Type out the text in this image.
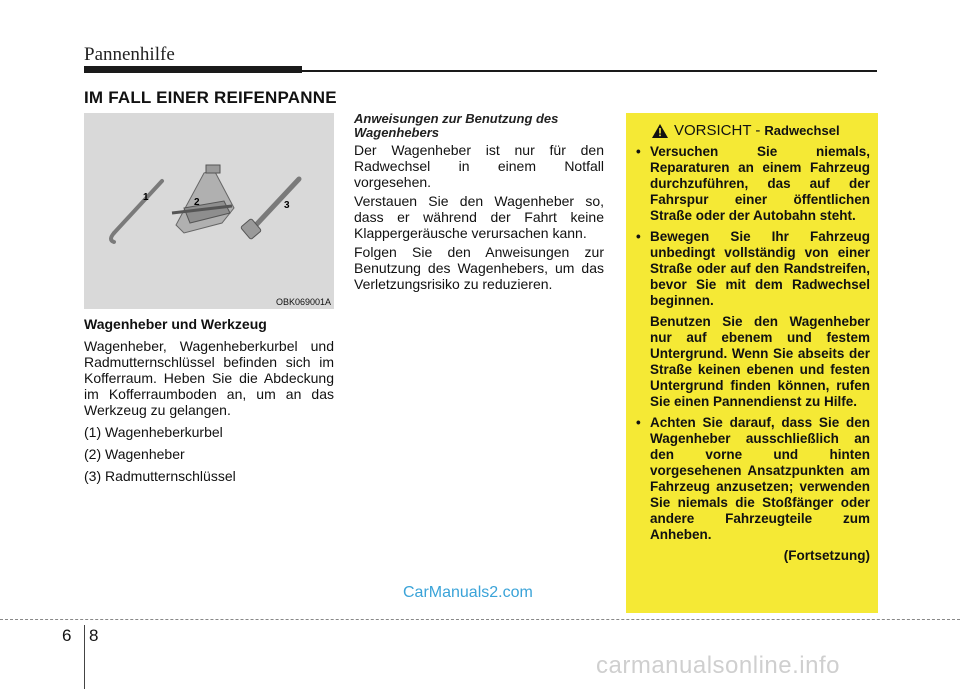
Pannenhilfe
IM FALL EINER REIFENPANNE
1	2	3
OBK069001A
Wagenheber und Werkzeug

Wagenheber, Wagenheberkurbel und Radmutternschlüssel befinden sich im Kofferraum. Heben Sie die Abdeckung im Kofferraumboden an, um an das Werkzeug zu gelangen.

(1) Wagenheberkurbel

(2) Wagenheber

(3) Radmutternschlüssel

Anweisungen zur Benutzung des Wagenhebers

Der Wagenheber ist nur für den Radwechsel in einem Notfall vorgesehen.

Verstauen Sie den Wagenheber so, dass er während der Fahrt keine Klappergeräusche verursachen kann.

Folgen Sie den Anweisungen zur Benutzung des Wagenhebers, um das Verletzungsrisiko zu reduzieren.

VORSICHT - Radwechsel
• Versuchen Sie niemals, Reparaturen an einem Fahrzeug durchzuführen, das auf der Fahrspur einer öffentlichen Straße oder der Autobahn steht.
• Bewegen Sie Ihr Fahrzeug unbedingt vollständig von einer Straße oder auf den Randstreifen, bevor Sie mit dem Radwechsel beginnen.
Benutzen Sie den Wagenheber nur auf ebenem und festem Untergrund. Wenn Sie abseits der Straße keinen ebenen und festen Untergrund finden können, rufen Sie einen Pannendienst zu Hilfe.
• Achten Sie darauf, dass Sie den Wagenheber ausschließlich an den vorne und hinten vorgesehenen Ansatzpunkten am Fahrzeug anzusetzen; verwenden Sie niemals die Stoßfänger oder andere Fahrzeugteile zum Anheben.
(Fortsetzung)
CarManuals2.com
6 8
carmanualsonline.info
